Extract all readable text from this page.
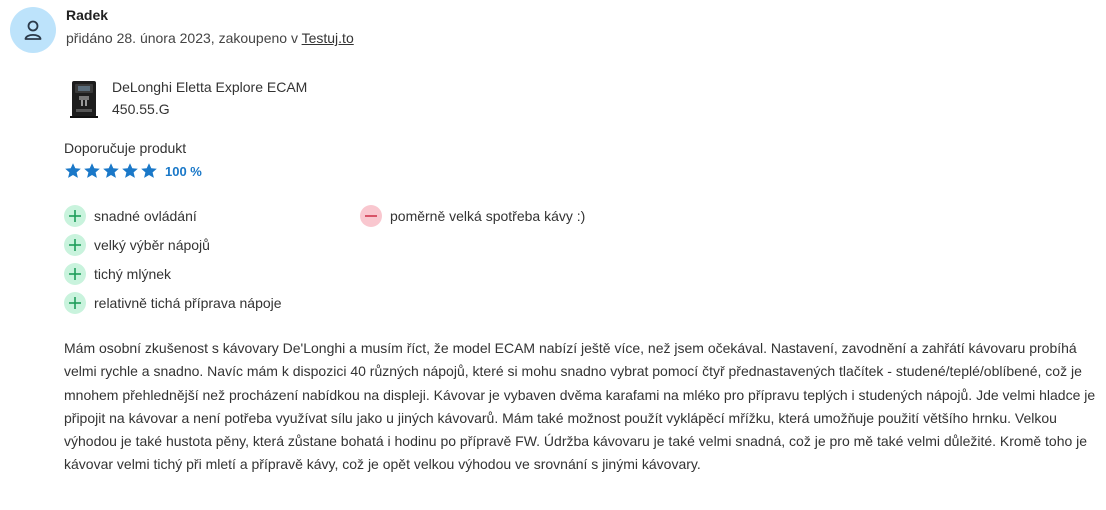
Radek
přidáno 28. února 2023, zakoupeno v Testuj.to
DeLonghi Eletta Explore ECAM
450.55.G
Doporučuje produkt
100 %
snadné ovládání
velký výběr nápojů
tichý mlýnek
relativně tichá příprava nápoje
poměrně velká spotřeba kávy :)
Mám osobní zkušenost s kávovary De'Longhi a musím říct, že model ECAM nabízí ještě více, než jsem očekával. Nastavení, zavodnění a zahřátí kávovaru probíhá velmi rychle a snadno. Navíc mám k dispozici 40 různých nápojů, které si mohu snadno vybrat pomocí čtyř přednastavených tlačítek - studené/teplé/oblíbené, což je mnohem přehlednější než procházení nabídkou na displeji. Kávovar je vybaven dvěma karafami na mléko pro přípravu teplých i studených nápojů. Jde velmi hladce je připojit na kávovar a není potřeba využívat sílu jako u jiných kávovarů. Mám také možnost použít vyklápěcí mřížku, která umožňuje použití většího hrnku. Velkou výhodou je také hustota pěny, která zůstane bohatá i hodinu po přípravě FW. Údržba kávovaru je také velmi snadná, což je pro mě také velmi důležité. Kromě toho je kávovar velmi tichý při mletí a přípravě kávy, což je opět velkou výhodou ve srovnání s jinými kávovary.
